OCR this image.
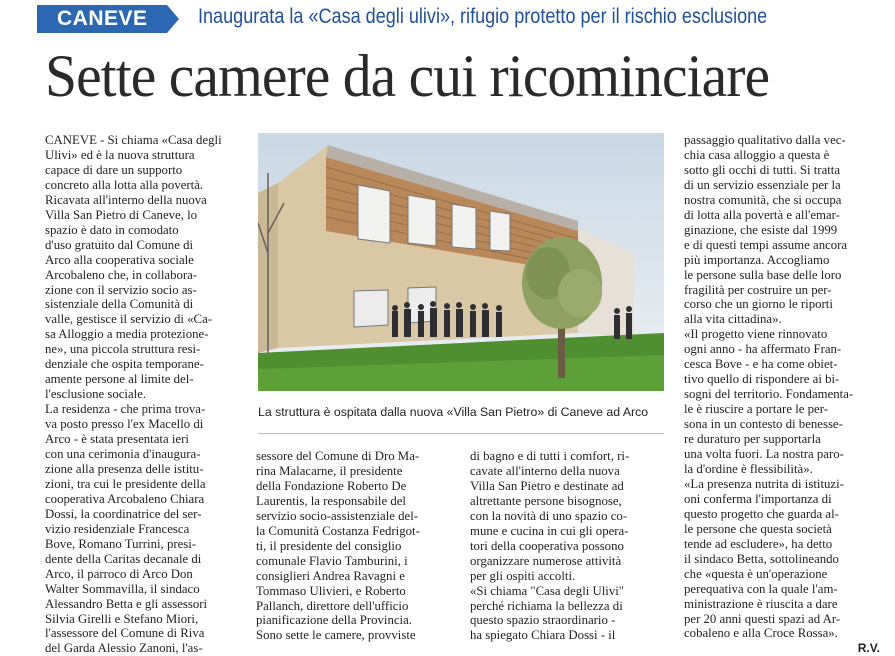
CANEVE Inaugurata la «Casa degli ulivi», rifugio protetto per il rischio esclusione
Sette camere da cui ricominciare
CANEVE - Si chiama «Casa degli
Ulivi» ed è la nuova struttura
capace di dare un supporto
concreto alla lotta alla povertà.
Ricavata all'interno della nuova
Villa San Pietro di Caneve, lo
spazio è dato in comodato
d'uso gratuito dal Comune di
Arco alla cooperativa sociale
Arcobaleno che, in collabora-
zione con il servizio socio as-
sistenziale della Comunità di
valle, gestisce il servizio di «Ca-
sa Alloggio a media protezione-
ne», una piccola struttura resi-
denziale che ospita temporane-
amente persone al limite del-
l'esclusione sociale.
La residenza - che prima trova-
va posto presso l'ex Macello di
Arco - è stata presentata ieri
con una cerimonia d'inaugura-
zione alla presenza delle istitu-
zioni, tra cui le presidente della
cooperativa Arcobaleno Chiara
Dossi, la coordinatrice del ser-
vizio residenziale Francesca
Bove, Romano Turrini, presi-
dente della Caritas decanale di
Arco, il parroco di Arco Don
Walter Sommavilla, il sindaco
Alessandro Betta e gli assessori
Silvia Girelli e Stefano Miori,
l'assessore del Comune di Riva
del Garda Alessio Zanoni, l'as-
La struttura è ospitata dalla nuova «Villa San Pietro» di Caneve ad Arco
sessore del Comune di Dro Ma-
rina Malacarne, il presidente
della Fondazione Roberto De
Laurentis, la responsabile del
servizio socio-assistenziale del-
la Comunità Costanza Fedrigot-
ti, il presidente del consiglio
comunale Flavio Tamburini, i
consiglieri Andrea Ravagni e
Tommaso Ulivieri, e Roberto
Pallanch, direttore dell'ufficio
pianificazione della Provincia.
Sono sette le camere, provviste
di bagno e di tutti i comfort, ri-
cavate all'interno della nuova
Villa San Pietro e destinate ad
altrettante persone bisognose,
con la novità di uno spazio co-
mune e cucina in cui gli opera-
tori della cooperativa possono
organizzare numerose attività
per gli ospiti accolti.
«Si chiama "Casa degli Ulivi"
perché richiama la bellezza di
questo spazio straordinario -
ha spiegato Chiara Dossi - il
passaggio qualitativo dalla vec-
chia casa alloggio a questa è
sotto gli occhi di tutti. Si tratta
di un servizio essenziale per la
nostra comunità, che si occupa
di lotta alla povertà e all'emar-
ginazione, che esiste dal 1999
e di questi tempi assume ancora
più importanza. Accogliamo
le persone sulla base delle loro
fragilità per costruire un per-
corso che un giorno le riporti
alla vita cittadina».
«Il progetto viene rinnovato
ogni anno - ha affermato Fran-
cesca Bove - e ha come obiet-
tivo quello di rispondere ai bi-
sogni del territorio. Fondamenta-
le è riuscire a portare le per-
sona in un contesto di benesse-
re duraturo per supportarla
una volta fuori. La nostra paro-
la d'ordine è flessibilità».
«La presenza nutrita di istituzi-
oni conferma l'importanza di
questo progetto che guarda al-
le persone che questa società
tende ad escludere», ha detto
il sindaco Betta, sottolineando
che «questa è un'operazione
perequativa con la quale l'am-
ministrazione è riuscita a dare
per 20 anni questi spazi ad Ar-
cobaleno e alla Croce Rossa».
R.V.
